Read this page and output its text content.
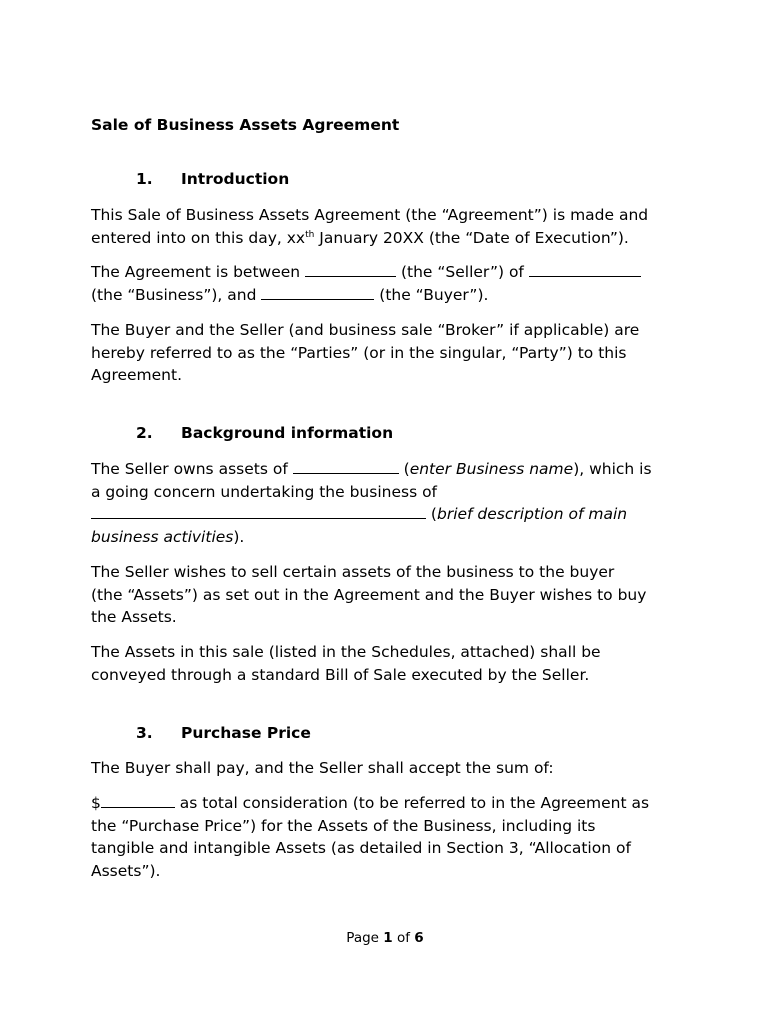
Sale of Business Assets Agreement
1. Introduction
This Sale of Business Assets Agreement (the “Agreement”) is made and
entered into on this day, $xx^{th}$ January 20XX (the “Date of Execution”).
The Agreement is between	(the “Seller”) of
(the “Business”), and	(the “Buyer”).
The Buyer and the Seller (and business sale “Broker” if applicable) are
hereby referred to as the “Parties” (or in the singular, “Party”) to this
Agreement.
2. Background information
The Seller owns assets of	(enter Business name), which is
a going concern undertaking the business of
(brief description of main
business activities).
The Seller wishes to sell certain assets of the business to the buyer
(the “Assets”) as set out in the Agreement and the Buyer wishes to buy
the Assets.
The Assets in this sale (listed in the Schedules, attached) shall be
conveyed through a standard Bill of Sale executed by the Seller.
3. Purchase Price
The Buyer shall pay, and the Seller shall accept the sum of:
$	as total consideration (to be referred to in the Agreement as
the “Purchase Price”) for the Assets of the Business, including its
tangible and intangible Assets (as detailed in Section 3, “Allocation of
Assets”).
Page 1 of 6
